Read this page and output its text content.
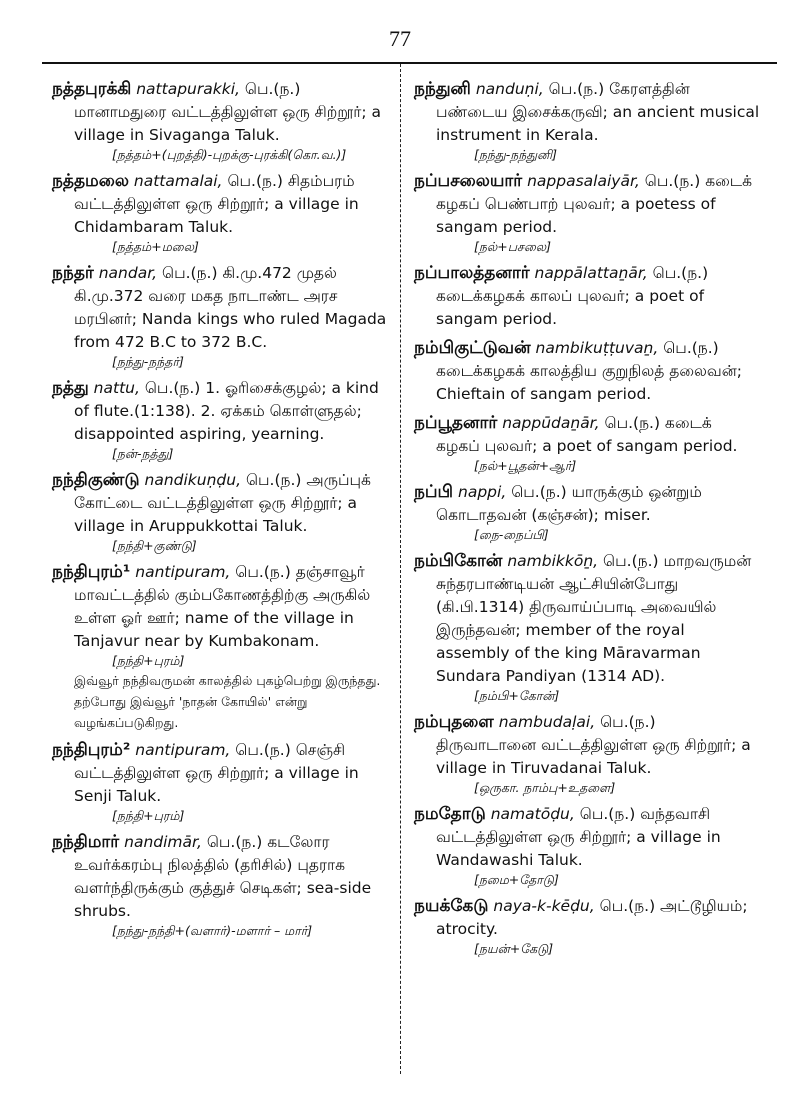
77

நத்தபுரக்கி nattapurakki, பெ.(ந.) மானாமதுரை வட்டத்திலுள்ள ஒரு சிற்றூர்; a village in Sivaganga Taluk.

[நத்தம்+(புறத்தி)-புறக்கு-புரக்கி(கொ.வ.)]

நத்தமலை nattamalai, பெ.(ந.) சிதம்பரம் வட்டத்திலுள்ள ஒரு சிற்றூர்; a village in Chidambaram Taluk.

[நத்தம்+மலை]

நந்தர் nandar, பெ.(ந.) கி.மு.472 முதல் கி.மு.372 வரை மகத நாடாண்ட அரச மரபினர்; Nanda kings who ruled Magada from 472 B.C to 372 B.C.

[நந்து-நந்தர்]

நத்து nattu, பெ.(ந.) 1. ஓரிசைக்குழல்; a kind of flute.(1:138). 2. ஏக்கம் கொள்ளுதல்; disappointed aspiring, yearning.

[நன்-நத்து]

நந்திகுண்டு nandikuṇḍu, பெ.(ந.) அருப்புக் கோட்டை வட்டத்திலுள்ள ஒரு சிற்றூர்; a village in Aruppukkottai Taluk.

[நந்தி+குண்டு]

நந்திபுரம்¹ nantipuram, பெ.(ந.) தஞ்சாவூர் மாவட்டத்தில் கும்பகோணத்திற்கு அருகில் உள்ள ஓர் ஊர்; name of the village in Tanjavur near by Kumbakonam.

[நந்தி+புரம்]

இவ்வூர் நந்திவருமன் காலத்தில் புகழ்பெற்று இருந்தது. தற்போது இவ்வூர் 'நாதன் கோயில்' என்று வழங்கப்படுகிறது.

நந்திபுரம்² nantipuram, பெ.(ந.) செஞ்சி வட்டத்திலுள்ள ஒரு சிற்றூர்; a village in Senji Taluk.

[நந்தி+புரம்]

நந்திமார் nandimār, பெ.(ந.) கடலோர உவர்க்கரம்பு நிலத்தில் (தரிசில்) புதராக வளர்ந்திருக்கும் குத்துச் செடிகள்; sea-side shrubs.

[நந்து-நந்தி+(வளார்)-மளார் – மார்]

நந்துனி nanduṇi, பெ.(ந.) கேரளத்தின் பண்டைய இசைக்கருவி; an ancient musical instrument in Kerala.

[நந்து-நந்துனி]

நப்பசலையார் nappasalaiyār, பெ.(ந.) கடைக் கழகப் பெண்பாற் புலவர்; a poetess of sangam period.

[நல்+பசலை]

நப்பாலத்தனார் nappālattaṉār, பெ.(ந.) கடைக்கழகக் காலப் புலவர்; a poet of sangam period.

நம்பிகுட்டுவன் nambikuṭṭuvaṉ, பெ.(ந.) கடைக்கழகக் காலத்திய குறுநிலத் தலைவன்; Chieftain of sangam period.

நப்பூதனார் nappūdaṉār, பெ.(ந.) கடைக் கழகப் புலவர்; a poet of sangam period.

[நல்+பூதன்+ஆர்]

நப்பி nappi, பெ.(ந.) யாருக்கும் ஒன்றும் கொடாதவன் (கஞ்சன்); miser.

[நை-நைப்பி]

நம்பிகோன் nambikkōṉ, பெ.(ந.) மாறவருமன் சுந்தரபாண்டியன் ஆட்சியின்போது (கி.பி.1314) திருவாய்ப்பாடி அவையில் இருந்தவன்; member of the royal assembly of the king Māravarman Sundara Pandiyan (1314 AD).

[நம்பி+கோன்]

நம்புதளை nambudaḷai, பெ.(ந.) திருவாடானை வட்டத்திலுள்ள ஒரு சிற்றூர்; a village in Tiruvadanai Taluk.

[ஒருகா. நாம்பு+உதளை]

நமதோடு namatōḍu, பெ.(ந.) வந்தவாசி வட்டத்திலுள்ள ஒரு சிற்றூர்; a village in Wandawashi Taluk.

[நமை+தோடு]

நயக்கேடு naya-k-kēḍu, பெ.(ந.) அட்டூழியம்; atrocity.

[நயன்+கேடு]
